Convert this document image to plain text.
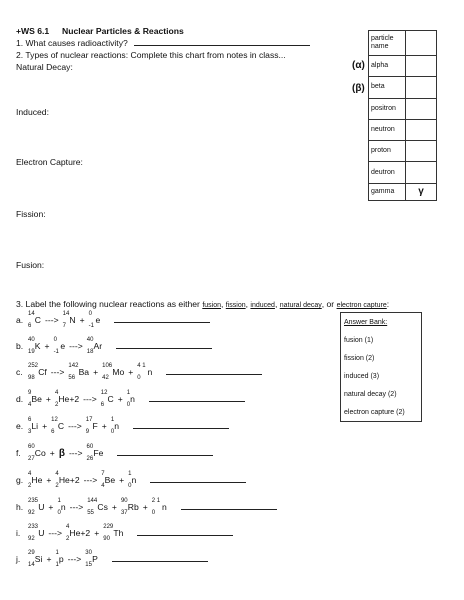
+WS 6.1 Nuclear Particles & Reactions
1. What causes radioactivity?
2. Types of nuclear reactions: Complete this chart from notes in class...
Natural Decay:
Induced:
Electron Capture:
Fission:
Fusion:
(α)
(β)
particle name	
alpha	
beta	
positron	
neutron	
proton	
deutron	
gamma	γ
3. Label the following nuclear reactions as either fusion, fission, induced, natural decay, or electron capture:
Answer Bank:
fusion (1)
fission (2)
induced (3)
natural decay (2)
electron capture (2)
a.
14
6
C --->
14
7
N +
0
-1
e
b.
40
19
K +
0
-1
e --->
40
18
Ar
c.
252
98
Cf --->
142
56
Ba +
106
42
Mo +
4 1
0
n
d.
9
4
Be +
4
2
He+2 --->
12
6
C +
1
0
n
e.
6
3
Li +
12
6
C --->
17
9
F +
1
0
n
f.
60
27
Co + β --->
60
26
Fe
g.
4
2
He +
4
2
He+2 --->
7
4
Be +
1
0
n
h.
235
92
U +
1
0
n --->
144
55
Cs +
90
37
Rb +
2 1
0
n
i.
233
92
U --->
4
2
He+2 +
229
90
Th
j.
29
14
Si +
1
1
p --->
30
15
P
